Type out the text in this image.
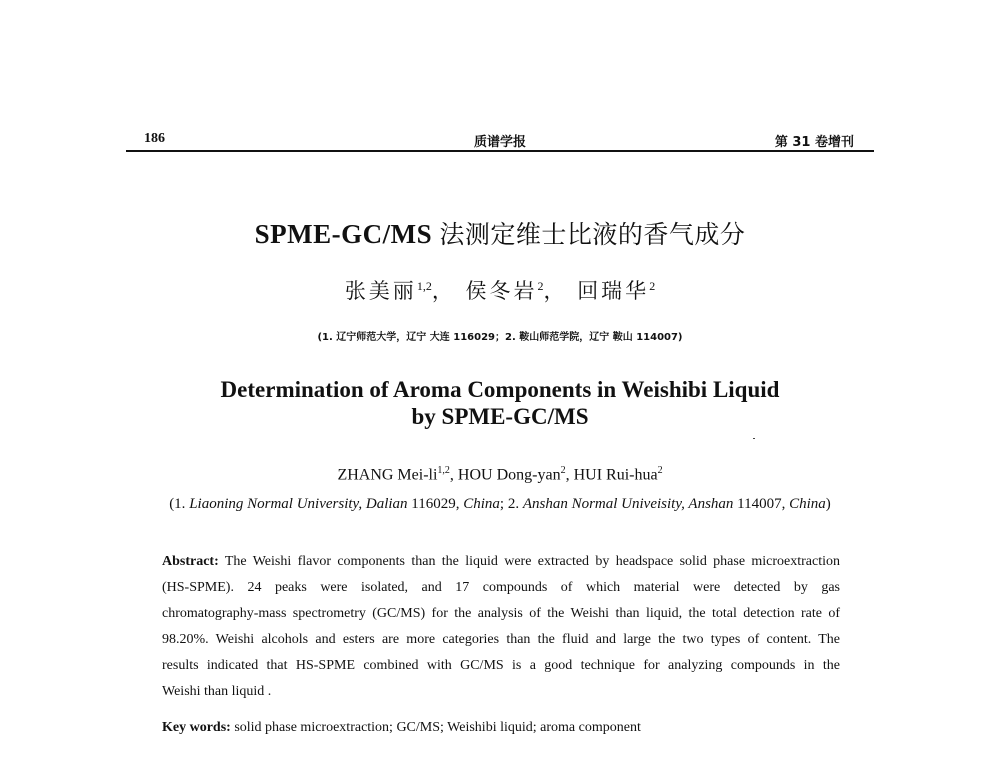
186	质谱学报	第 31 卷增刊
SPME-GC/MS 法测定维士比液的香气成分
张美丽$^{1,2}$， 侯冬岩$^2$， 回瑞华$^2$
(1. 辽宁师范大学，辽宁 大连 116029；2. 鞍山师范学院，辽宁 鞍山 114007)
Determination of Aroma Components in Weishibi Liquid
by SPME-GC/MS
ZHANG Mei-li$^{1,2}$, HOU Dong-yan$^2$, HUI Rui-hua$^2$
(1. Liaoning Normal University, Dalian 116029, China; 2. Anshan Normal Univeisity, Anshan 114007, China)
Abstract: The Weishi flavor components than the liquid were extracted by headspace solid phase microextraction
(HS-SPME). 24 peaks were isolated, and 17 compounds of which material were detected by gas
chromatography-mass spectrometry (GC/MS) for the analysis of the Weishi than liquid, the total detection rate of
98.20%. Weishi alcohols and esters are more categories than the fluid and large the two types of content. The
results indicated that HS-SPME combined with GC/MS is a good technique for analyzing compounds in the
Weishi than liquid .
Key words: solid phase microextraction; GC/MS; Weishibi liquid; aroma component
